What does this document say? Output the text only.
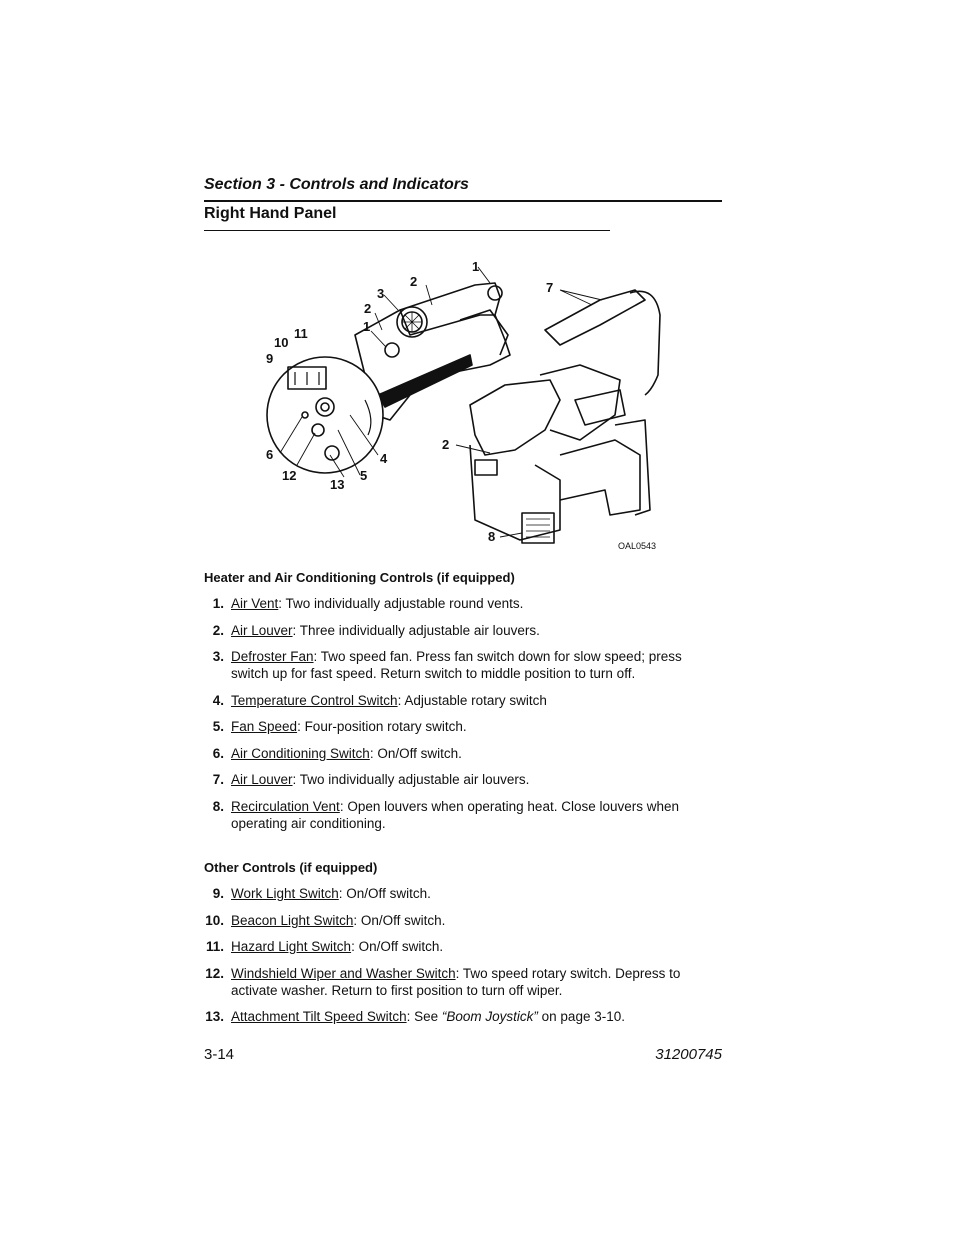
Section 3 - Controls and Indicators
Right Hand Panel
1
2
3
2
1
11
10
9
7
2
6
12
13
5
4
8
OAL0543
Heater and Air Conditioning Controls (if equipped)
1. Air Vent: Two individually adjustable round vents.
2. Air Louver: Three individually adjustable air louvers.
3. Defroster Fan: Two speed fan. Press fan switch down for slow speed; press switch up for fast speed. Return switch to middle position to turn off.
4. Temperature Control Switch: Adjustable rotary switch
5. Fan Speed: Four-position rotary switch.
6. Air Conditioning Switch: On/Off switch.
7. Air Louver: Two individually adjustable air louvers.
8. Recirculation Vent: Open louvers when operating heat. Close louvers when operating air conditioning.
Other Controls (if equipped)
9. Work Light Switch: On/Off switch.
10. Beacon Light Switch: On/Off switch.
11. Hazard Light Switch: On/Off switch.
12. Windshield Wiper and Washer Switch: Two speed rotary switch. Depress to activate washer. Return to first position to turn off wiper.
13. Attachment Tilt Speed Switch: See “Boom Joystick” on page 3-10.
3-14	31200745
